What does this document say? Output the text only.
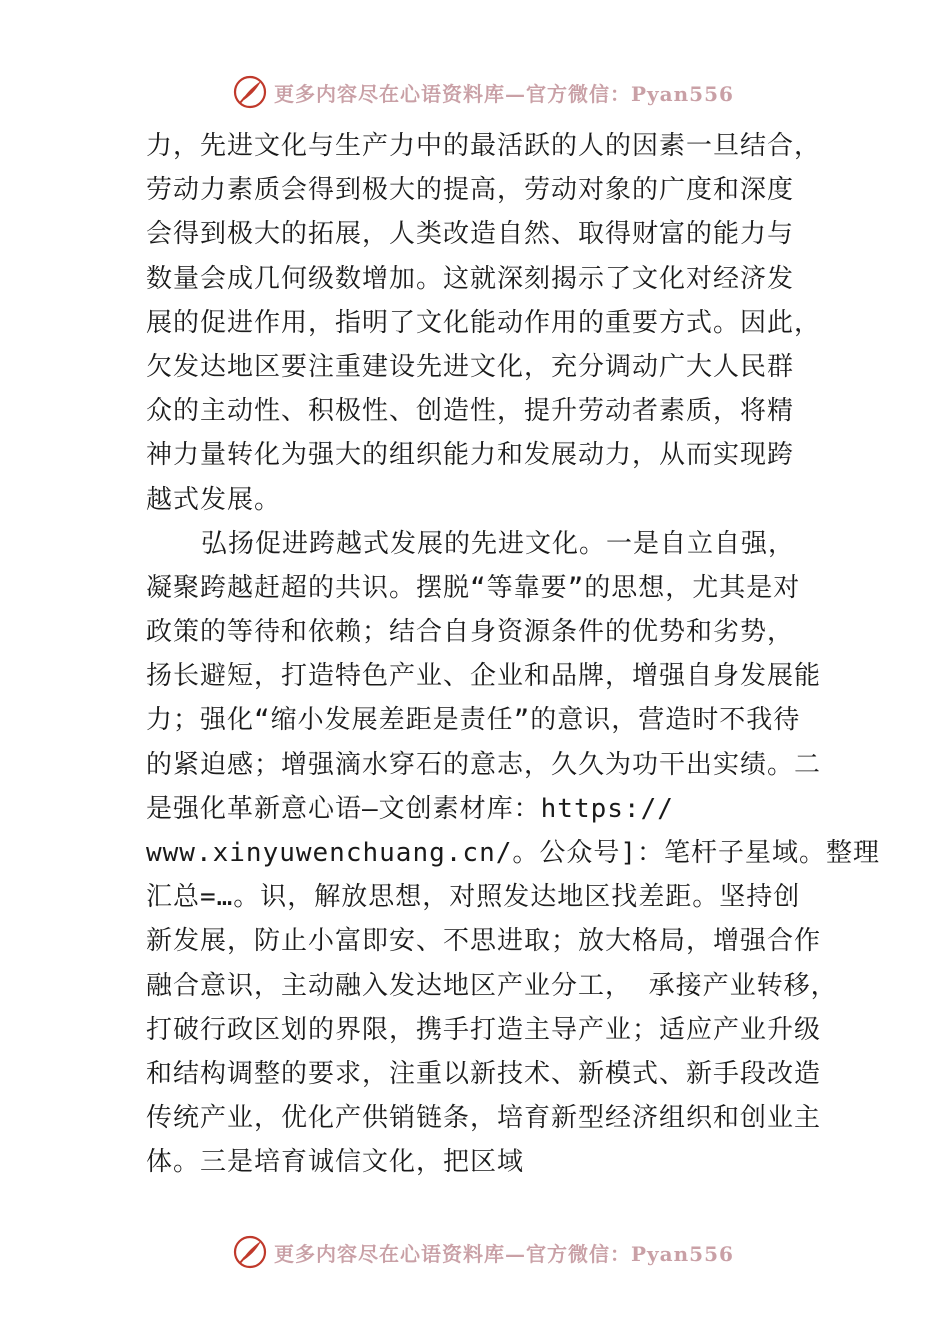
更多内容尽在心语资料库—官方微信：Pyan556
力，先进文化与生产力中的最活跃的人的因素一旦结合，
劳动力素质会得到极大的提高，劳动对象的广度和深度
会得到极大的拓展，人类改造自然、取得财富的能力与
数量会成几何级数增加。这就深刻揭示了文化对经济发
展的促进作用，指明了文化能动作用的重要方式。因此，
欠发达地区要注重建设先进文化，充分调动广大人民群
众的主动性、积极性、创造性，提升劳动者素质，将精
神力量转化为强大的组织能力和发展动力，从而实现跨
越式发展。
弘扬促进跨越式发展的先进文化。一是自立自强，
凝聚跨越赶超的共识。摆脱“等靠要”的思想，尤其是对
政策的等待和依赖；结合自身资源条件的优势和劣势，
扬长避短，打造特色产业、企业和品牌，增强自身发展能
力；强化“缩小发展差距是责任”的意识，营造时不我待
的紧迫感；增强滴水穿石的意志，久久为功干出实绩。二
是强化革新意心语—文创素材库：https://
www.xinyuwenchuang.cn/。公众号]：笔杆子星域。整理
汇总=…。识，解放思想，对照发达地区找差距。坚持创
新发展，防止小富即安、不思进取；放大格局，增强合作
融合意识，主动融入发达地区产业分工， 承接产业转移，
打破行政区划的界限，携手打造主导产业；适应产业升级
和结构调整的要求，注重以新技术、新模式、新手段改造
传统产业，优化产供销链条，培育新型经济组织和创业主
体。三是培育诚信文化，把区域
更多内容尽在心语资料库—官方微信：Pyan556
